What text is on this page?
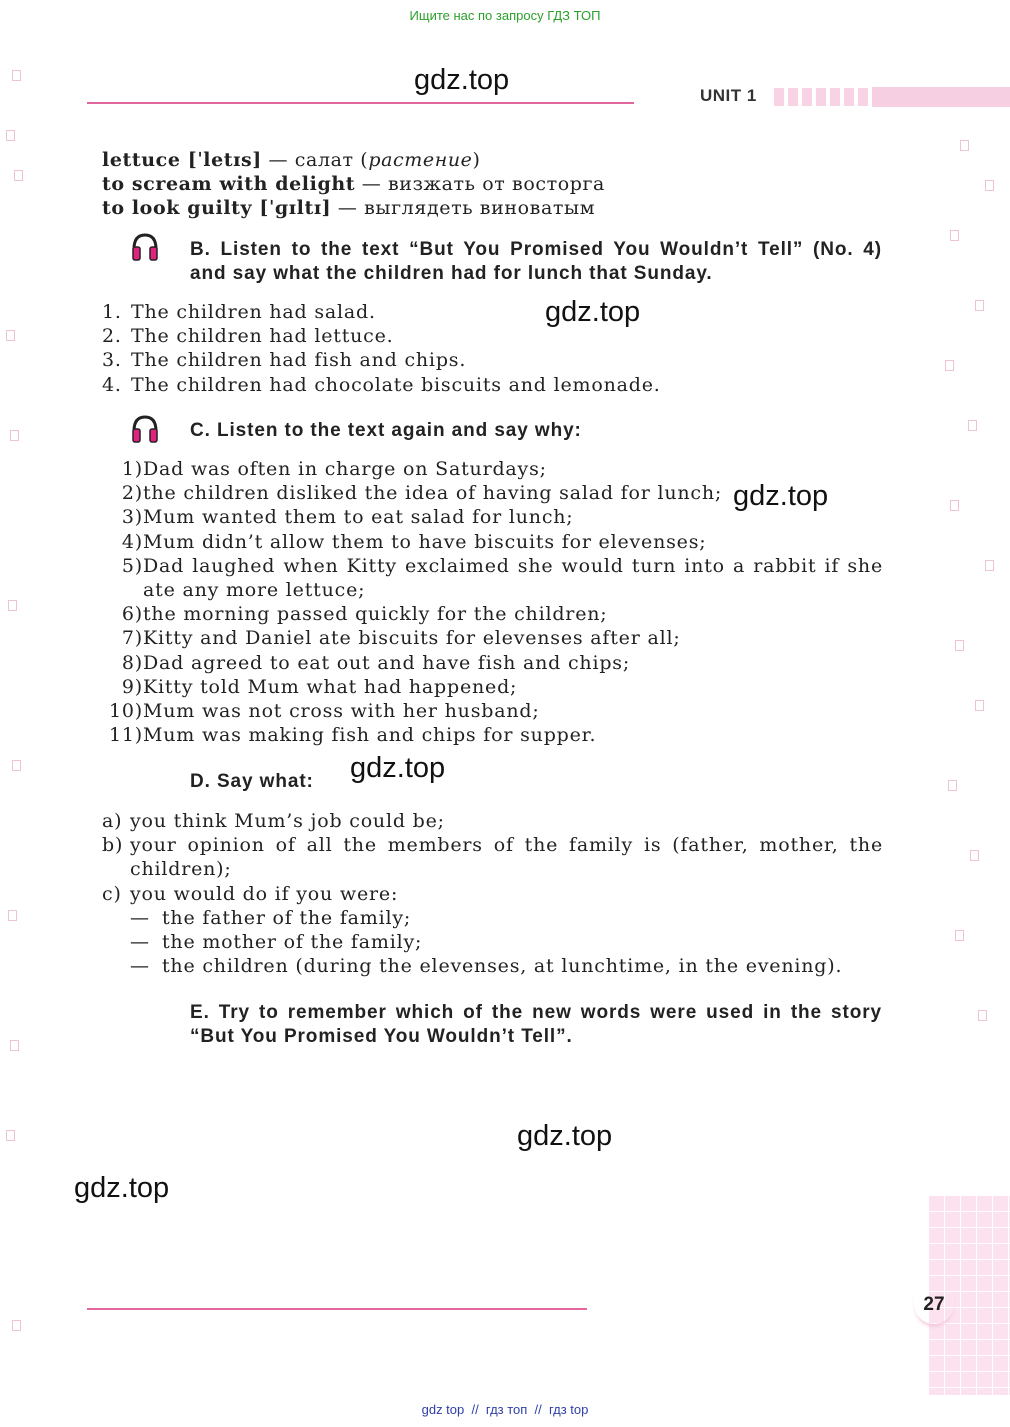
Ищите нас по запросу ГДЗ ТОП
gdz.top	UNIT 1
lettuce [ˈletɪs] — салат (растение)
to scream with delight — визжать от восторга
to look guilty [ˈɡɪltɪ] — выглядеть виноватым
B. Listen to the text “But You Promised You Wouldn’t Tell” (No. 4) and say what the children had for lunch that Sunday.
1. The children had salad.
2. The children had lettuce.
3. The children had fish and chips.
4. The children had chocolate biscuits and lemonade.
gdz.top
C. Listen to the text again and say why:
1) Dad was often in charge on Saturdays;
2) the children disliked the idea of having salad for lunch;
3) Mum wanted them to eat salad for lunch;
4) Mum didn’t allow them to have biscuits for elevenses;
5) Dad laughed when Kitty exclaimed she would turn into a rabbit if she ate any more lettuce;
6) the morning passed quickly for the children;
7) Kitty and Daniel ate biscuits for elevenses after all;
8) Dad agreed to eat out and have fish and chips;
9) Kitty told Mum what had happened;
10) Mum was not cross with her husband;
11) Mum was making fish and chips for supper.
gdz.top
D. Say what: gdz.top
a) you think Mum’s job could be;
b) your opinion of all the members of the family is (father, mother, the children);
c) you would do if you were:
— the father of the family;
— the mother of the family;
— the children (during the elevenses, at lunchtime, in the evening).
E. Try to remember which of the new words were used in the story “But You Promised You Wouldn’t Tell”.
gdz.top
gdz.top
27
gdz top  //  гдз топ  //  гдз top
